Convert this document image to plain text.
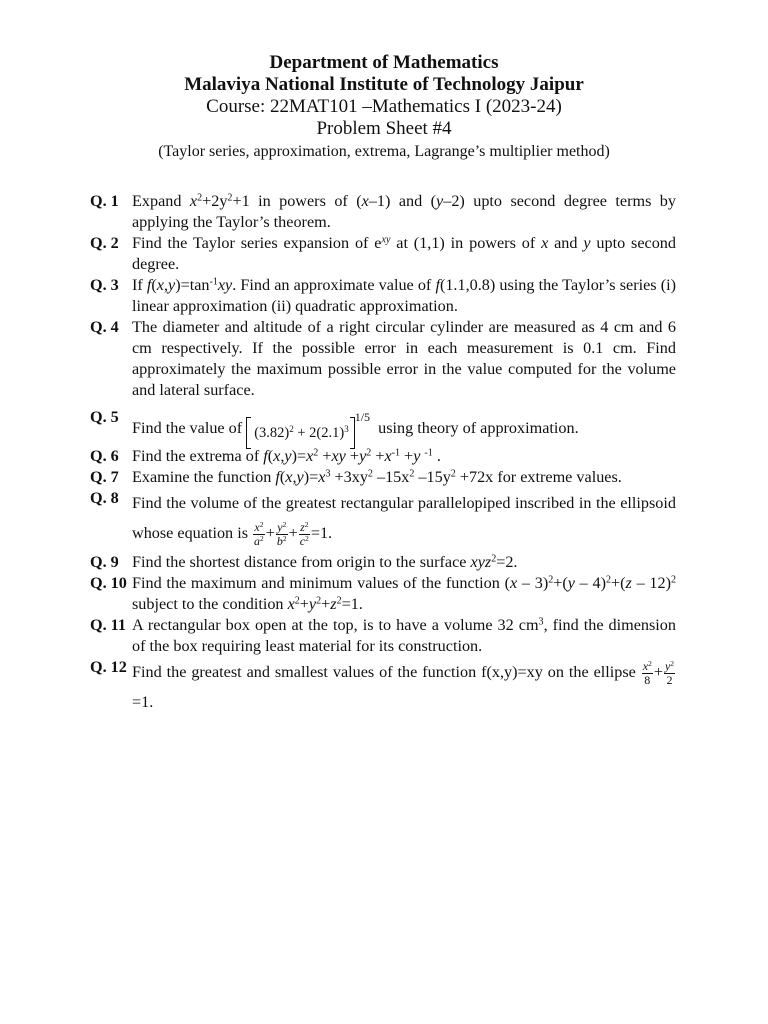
Department of Mathematics
Malaviya National Institute of Technology Jaipur
Course: 22MAT101 –Mathematics I (2023-24)
Problem Sheet #4
(Taylor series, approximation, extrema, Lagrange’s multiplier method)
Q. 1 Expand $x^2+2y^2+1$ in powers of (x–1) and (y–2) upto second degree terms by applying the Taylor’s theorem.
Q. 2 Find the Taylor series expansion of $e^{xy}$ at (1,1) in powers of x and y upto second degree.
Q. 3 If $f(x,y)=\tan^{-1}xy$. Find an approximate value of f(1.1,0.8) using the Taylor’s series (i) linear approximation (ii) quadratic approximation.
Q. 4 The diameter and altitude of a right circular cylinder are measured as 4 cm and 6 cm respectively. If the possible error in each measurement is 0.1 cm. Find approximately the maximum possible error in the value computed for the volume and lateral surface.
Q. 5
Find the value of $(3.82)^2 + 2(2.1)^31/5$ using theory of approximation.
Q. 6 Find the extrema of $f(x,y)=x^2 +xy +y^2 +x^{-1} +y$ $^{-1}$ .
Q. 7 Examine the function $f(x,y)=x^3 +3xy^2$ $-15x^2$ $-15y^2 +72x$ for extreme values.
Q. 8 Find the volume of the greatest rectangular parallelopiped inscribed in the ellipsoid whose equation is $\frac{x^2}{a^2} + \frac{y^2}{b^2} + \frac{z^2}{c^2} =1$.
Q. 9 Find the shortest distance from origin to the surface xyz$^2$=2.
Q. 10 Find the maximum and minimum values of the function (x – 3)$^2$+(y – 4)$^2$+(z – 12)$^2$ subject to the condition $x^2+y^2+z^2=1$.
Q. 11 A rectangular box open at the top, is to have a volume 32 $cm^3$, find the dimension of the box requiring least material for its construction.
Q. 12 Find the greatest and smallest values of the function f(x,y)=xy on the ellipse $\frac{x^2}{8} + \frac{y^2}{2}$
=1.
